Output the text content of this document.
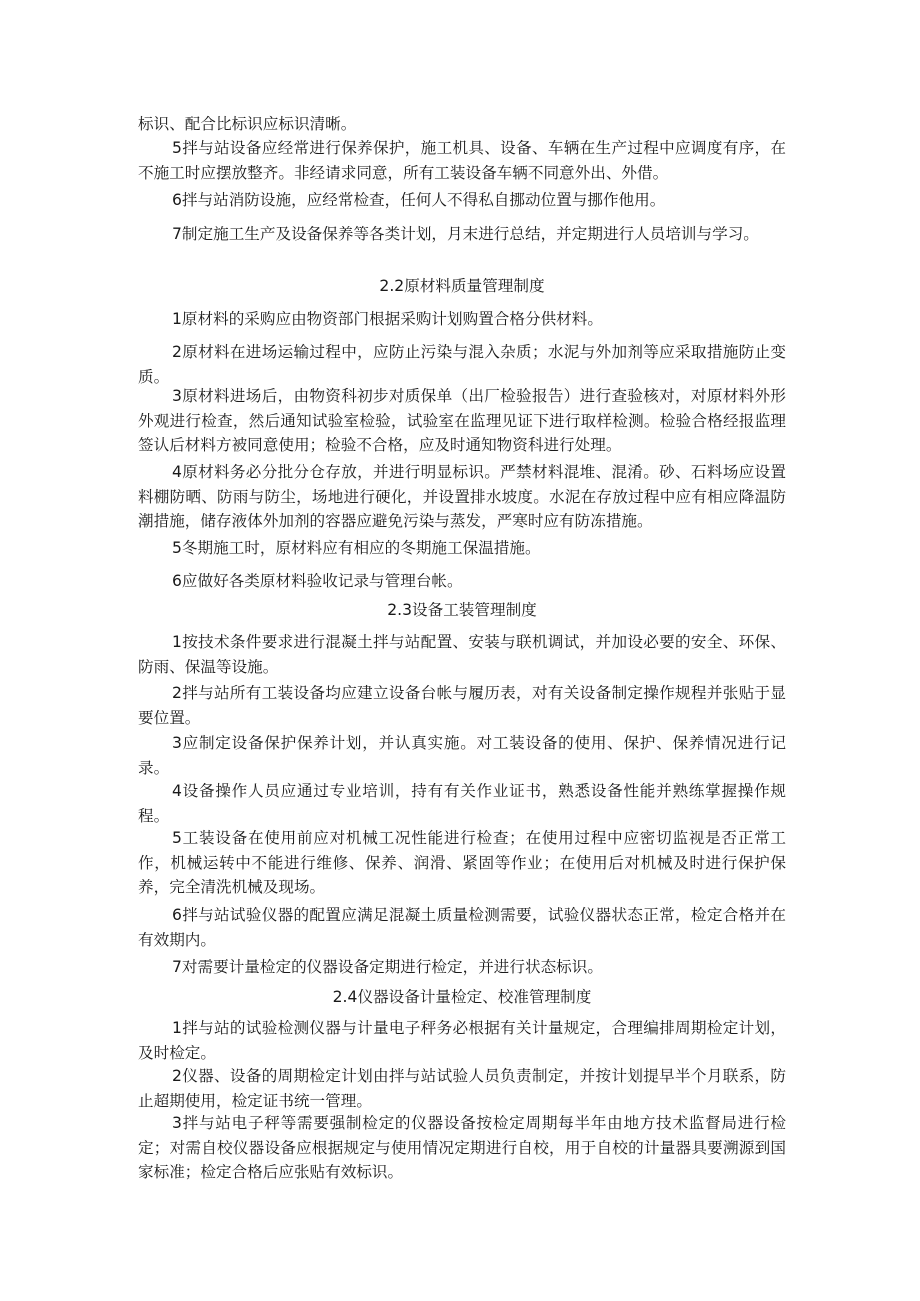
标识、配合比标识应标识清晰。

5拌与站设备应经常进行保养保护，施工机具、设备、车辆在生产过程中应调度有序，在不施工时应摆放整齐。非经请求同意，所有工装设备车辆不同意外出、外借。

6拌与站消防设施，应经常检查，任何人不得私自挪动位置与挪作他用。

7制定施工生产及设备保养等各类计划，月末进行总结，并定期进行人员培训与学习。

2.2原材料质量管理制度

1原材料的采购应由物资部门根据采购计划购置合格分供材料。

2原材料在进场运输过程中，应防止污染与混入杂质；水泥与外加剂等应采取措施防止变质。

3原材料进场后，由物资科初步对质保单（出厂检验报告）进行查验核对，对原材料外形外观进行检查，然后通知试验室检验，试验室在监理见证下进行取样检测。检验合格经报监理签认后材料方被同意使用；检验不合格，应及时通知物资科进行处理。

4原材料务必分批分仓存放，并进行明显标识。严禁材料混堆、混淆。砂、石料场应设置料棚防晒、防雨与防尘，场地进行硬化，并设置排水坡度。水泥在存放过程中应有相应降温防潮措施，储存液体外加剂的容器应避免污染与蒸发，严寒时应有防冻措施。

5冬期施工时，原材料应有相应的冬期施工保温措施。

6应做好各类原材料验收记录与管理台帐。

2.3设备工装管理制度

1按技术条件要求进行混凝土拌与站配置、安装与联机调试，并加设必要的安全、环保、防雨、保温等设施。

2拌与站所有工装设备均应建立设备台帐与履历表，对有关设备制定操作规程并张贴于显要位置。

3应制定设备保护保养计划，并认真实施。对工装设备的使用、保护、保养情况进行记录。

4设备操作人员应通过专业培训，持有有关作业证书，熟悉设备性能并熟练掌握操作规程。

5工装设备在使用前应对机械工况性能进行检查；在使用过程中应密切监视是否正常工作，机械运转中不能进行维修、保养、润滑、紧固等作业；在使用后对机械及时进行保护保养，完全清洗机械及现场。

6拌与站试验仪器的配置应满足混凝土质量检测需要，试验仪器状态正常，检定合格并在有效期内。

7对需要计量检定的仪器设备定期进行检定，并进行状态标识。

2.4仪器设备计量检定、校准管理制度

1拌与站的试验检测仪器与计量电子秤务必根据有关计量规定，合理编排周期检定计划，及时检定。

2仪器、设备的周期检定计划由拌与站试验人员负责制定，并按计划提早半个月联系，防止超期使用，检定证书统一管理。

3拌与站电子秤等需要强制检定的仪器设备按检定周期每半年由地方技术监督局进行检定；对需自校仪器设备应根据规定与使用情况定期进行自校，用于自校的计量器具要溯源到国家标准；检定合格后应张贴有效标识。
